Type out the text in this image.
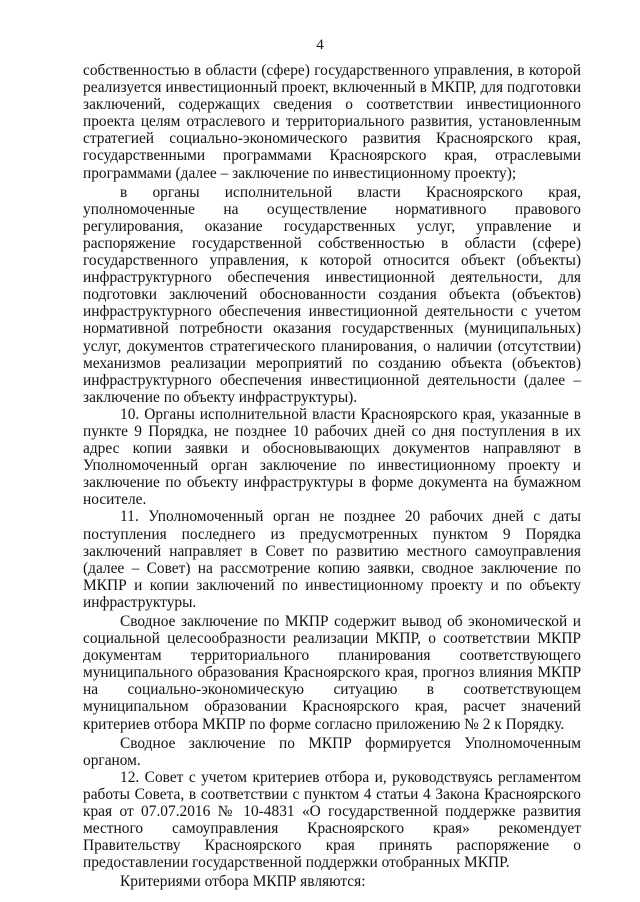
4

собственностью в области (сфере) государственного управления, в которой реализуется инвестиционный проект, включенный в МКПР, для подготовки заключений, содержащих сведения о соответствии инвестиционного проекта целям отраслевого и территориального развития, установленным стратегией социально-экономического развития Красноярского края, государственными программами Красноярского края, отраслевыми программами (далее – заключение по инвестиционному проекту);

в органы исполнительной власти Красноярского края, уполномоченные на осуществление нормативного правового регулирования, оказание государственных услуг, управление и распоряжение государственной собственностью в области (сфере) государственного управления, к которой относится объект (объекты) инфраструктурного обеспечения инвестиционной деятельности, для подготовки заключений обоснованности создания объекта (объектов) инфраструктурного обеспечения инвестиционной деятельности с учетом нормативной потребности оказания государственных (муниципальных) услуг, документов стратегического планирования, о наличии (отсутствии) механизмов реализации мероприятий по созданию объекта (объектов) инфраструктурного обеспечения инвестиционной деятельности (далее – заключение по объекту инфраструктуры).

10. Органы исполнительной власти Красноярского края, указанные в пункте 9 Порядка, не позднее 10 рабочих дней со дня поступления в их адрес копии заявки и обосновывающих документов направляют в Уполномоченный орган заключение по инвестиционному проекту и заключение по объекту инфраструктуры в форме документа на бумажном носителе.

11. Уполномоченный орган не позднее 20 рабочих дней с даты поступления последнего из предусмотренных пунктом 9 Порядка заключений направляет в Совет по развитию местного самоуправления (далее – Совет) на рассмотрение копию заявки, сводное заключение по МКПР и копии заключений по инвестиционному проекту и по объекту инфраструктуры.

Сводное заключение по МКПР содержит вывод об экономической и социальной целесообразности реализации МКПР, о соответствии МКПР документам территориального планирования соответствующего муниципального образования Красноярского края, прогноз влияния МКПР на социально-экономическую ситуацию в соответствующем муниципальном образовании Красноярского края, расчет значений критериев отбора МКПР по форме согласно приложению № 2 к Порядку.

Сводное заключение по МКПР формируется Уполномоченным органом.

12. Совет с учетом критериев отбора и, руководствуясь регламентом работы Совета, в соответствии с пунктом 4 статьи 4 Закона Красноярского края от 07.07.2016 № 10-4831 «О государственной поддержке развития местного самоуправления Красноярского края» рекомендует Правительству Красноярского края принять распоряжение о предоставлении государственной поддержки отобранных МКПР.

Критериями отбора МКПР являются:
